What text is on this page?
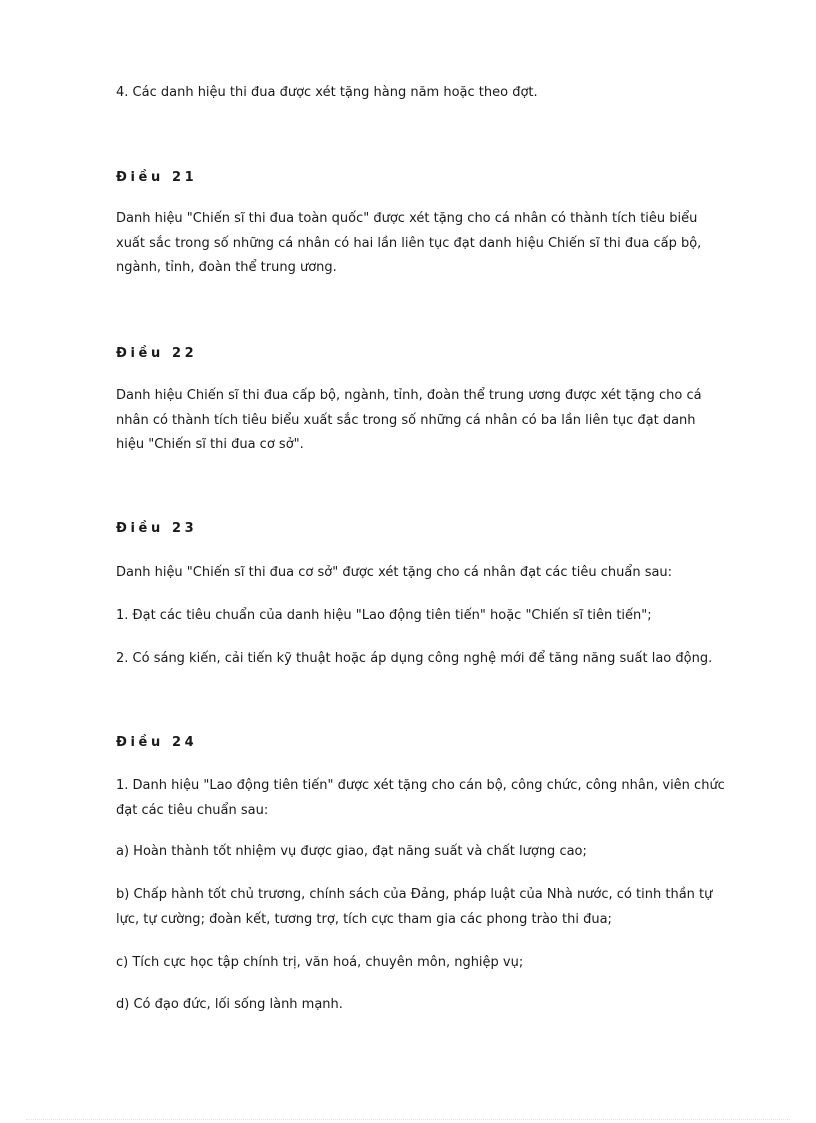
4. Các danh hiệu thi đua được xét tặng hàng năm hoặc theo đợt.

Điều 21

Danh hiệu "Chiến sĩ thi đua toàn quốc" được xét tặng cho cá nhân có thành tích tiêu biểu xuất sắc trong số những cá nhân có hai lần liên tục đạt danh hiệu Chiến sĩ thi đua cấp bộ, ngành, tỉnh, đoàn thể trung ương.

Điều 22

Danh hiệu Chiến sĩ thi đua cấp bộ, ngành, tỉnh, đoàn thể trung ương được xét tặng cho cá nhân có thành tích tiêu biểu xuất sắc trong số những cá nhân có ba lần liên tục đạt danh hiệu "Chiến sĩ thi đua cơ sở".

Điều 23

Danh hiệu "Chiến sĩ thi đua cơ sở" được xét tặng cho cá nhân đạt các tiêu chuẩn sau:

1. Đạt các tiêu chuẩn của danh hiệu "Lao động tiên tiến" hoặc "Chiến sĩ tiên tiến";

2. Có sáng kiến, cải tiến kỹ thuật hoặc áp dụng công nghệ mới để tăng năng suất lao động.

Điều 24

1. Danh hiệu "Lao động tiên tiến" được xét tặng cho cán bộ, công chức, công nhân, viên chức đạt các tiêu chuẩn sau:

a) Hoàn thành tốt nhiệm vụ được giao, đạt năng suất và chất lượng cao;

b) Chấp hành tốt chủ trương, chính sách của Đảng, pháp luật của Nhà nước, có tinh thần tự lực, tự cường; đoàn kết, tương trợ, tích cực tham gia các phong trào thi đua;

c) Tích cực học tập chính trị, văn hoá, chuyên môn, nghiệp vụ;

d) Có đạo đức, lối sống lành mạnh.
